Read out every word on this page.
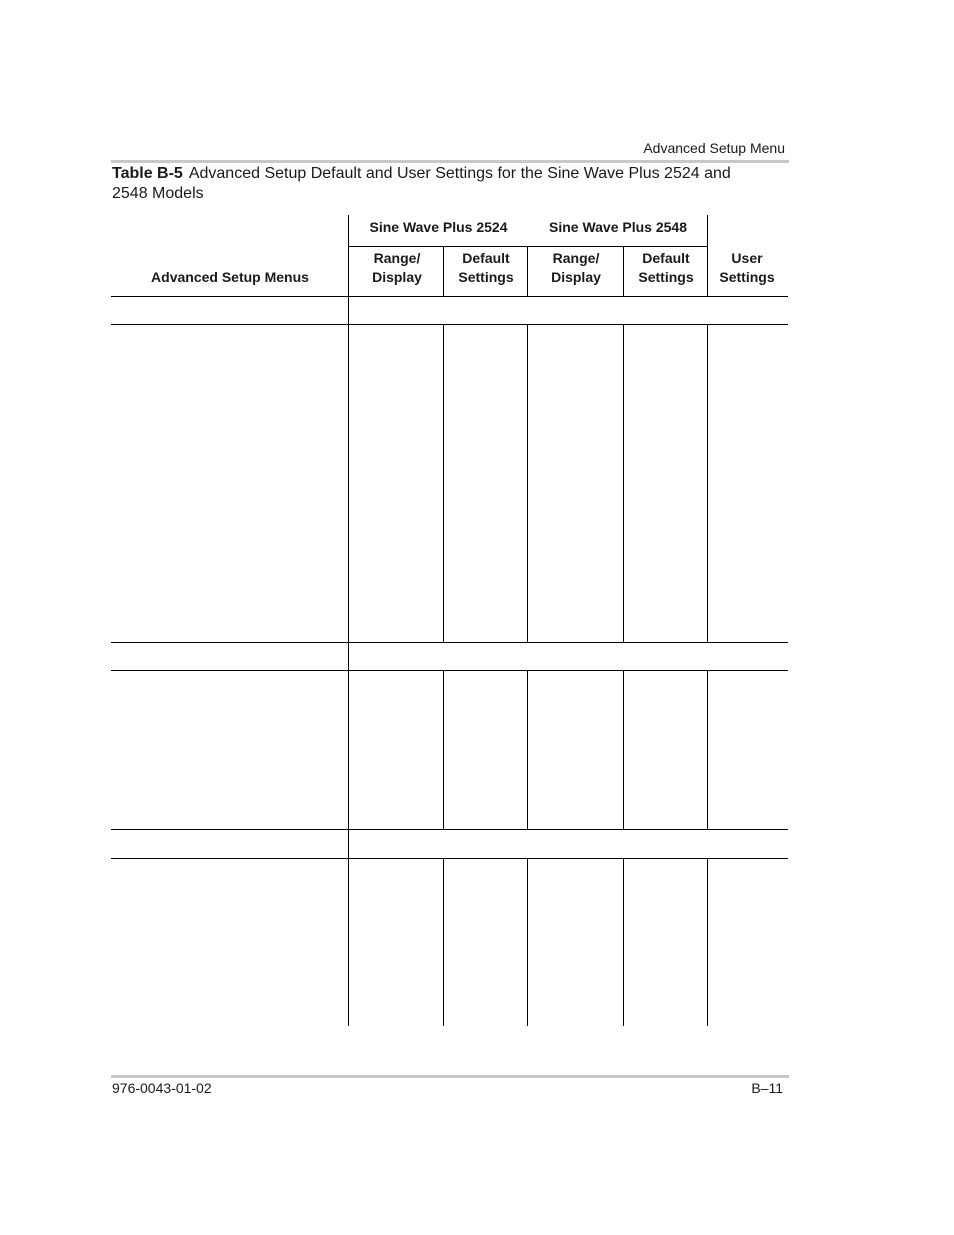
Advanced Setup Menu
Table B-5 Advanced Setup Default and User Settings for the Sine Wave Plus 2524 and 2548 Models
Advanced Setup Menus
Sine Wave Plus 2524	Sine Wave Plus 2548
Range/ Display
Default Settings
Range/ Display
Default Settings
User Settings
976-0043-01-02	B–11
